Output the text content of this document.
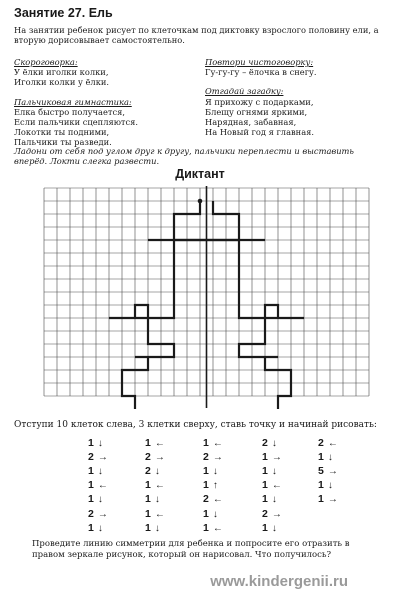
Занятие 27. Ель
На занятии ребенок рисует по клеточкам под диктовку взрослого половину ели, а вторую дорисовывает самостоятельно.
Скороговорка:
У ёлки иголки колки,
Иголки колки у ёлки.
Пальчиковая гимнастика:
Елка быстро получается,
Если пальчики сцепляются.
Локотки ты подними,
Пальчики ты разведи.
Повтори чистоговорку:
Гу-гу-гу – ёлочка в снегу.
Отгадай загадку:
Я прихожу с подарками,
Блещу огнями яркими,
Нарядная, забавная,
На Новый год я главная.
Ладони от себя под углом друг к другу, пальчики переплести и выставить вперёд. Локти слегка развести.
Диктант
Отступи 10 клеток слева, 3 клетки сверху, ставь точку и начинай рисовать:
1 ↓
2 →
1 ↓
1 ←
1 ↓
2 →
1 ↓
1 ←
2 →
2 ↓
1 ←
1 ↓
1 ←
1 ↓
1 ←
2 →
1 ↓
1 ↑
2 ←
1 ↓
1 ←
2 ↓
1 →
1 ↓
1 ←
1 ↓
2 →
1 ↓
2 ←
1 ↓
5 →
1 ↓
1 →
Проведите линию симметрии для ребенка и попросите его отразить в правом зеркале рисунок, который он нарисовал. Что получилось?
www.kindergenii.ru
